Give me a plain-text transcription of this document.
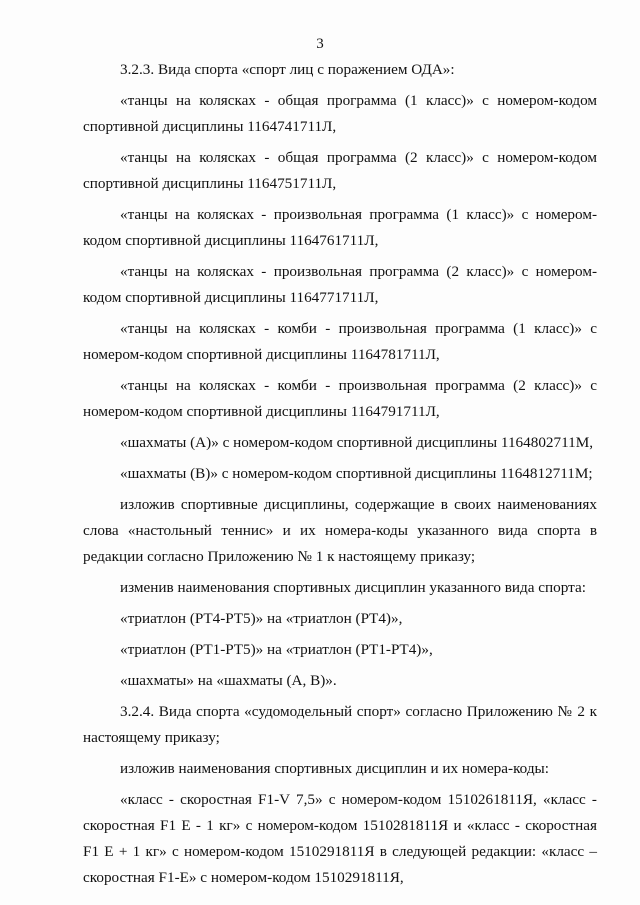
3

3.2.3. Вида спорта «спорт лиц с поражением ОДА»:

«танцы на колясках - общая программа (1 класс)» с номером-кодом спортивной дисциплины 1164741711Л,

«танцы на колясках - общая программа (2 класс)» с номером-кодом спортивной дисциплины 1164751711Л,

«танцы на колясках - произвольная программа (1 класс)» с номером-кодом спортивной дисциплины 1164761711Л,

«танцы на колясках - произвольная программа (2 класс)» с номером-кодом спортивной дисциплины 1164771711Л,

«танцы на колясках - комби - произвольная программа (1 класс)» с номером-кодом спортивной дисциплины 1164781711Л,

«танцы на колясках - комби - произвольная программа (2 класс)» с номером-кодом спортивной дисциплины 1164791711Л,

«шахматы (А)» с номером-кодом спортивной дисциплины 1164802711М,

«шахматы (В)» с номером-кодом спортивной дисциплины 1164812711М;

изложив спортивные дисциплины, содержащие в своих наименованиях слова «настольный теннис» и их номера-коды указанного вида спорта в редакции согласно Приложению № 1 к настоящему приказу;

изменив наименования спортивных дисциплин указанного вида спорта:

«триатлон (PT4-PT5)» на «триатлон (PT4)»,

«триатлон (PT1-PT5)» на «триатлон (PT1-PT4)»,

«шахматы» на «шахматы (А, В)».

3.2.4. Вида спорта «судомодельный спорт» согласно Приложению № 2 к настоящему приказу;

изложив наименования спортивных дисциплин и их номера-коды:

«класс - скоростная F1-V 7,5» с номером-кодом 1510261811Я, «класс - скоростная F1 Е - 1 кг» с номером-кодом 1510281811Я и «класс - скоростная F1 Е + 1 кг» с номером-кодом 1510291811Я в следующей редакции: «класс – скоростная F1-Е» с номером-кодом 1510291811Я,
